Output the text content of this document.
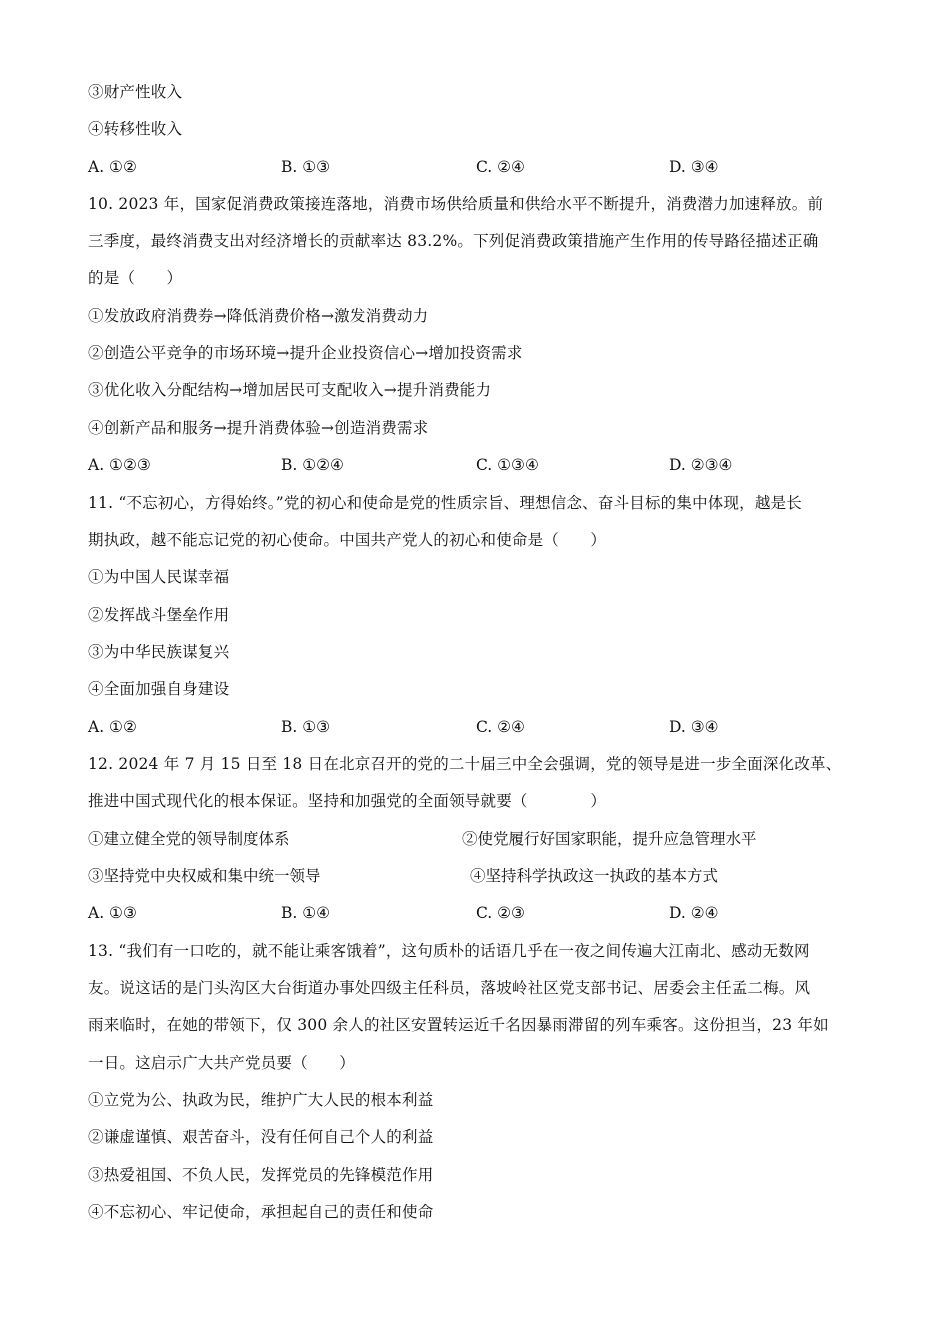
③财产性收入
④转移性收入
A. ①②	B. ①③	C. ②④	D. ③④
10. 2023 年，国家促消费政策接连落地，消费市场供给质量和供给水平不断提升，消费潜力加速释放。前
三季度，最终消费支出对经济增长的贡献率达 83.2%。下列促消费政策措施产生作用的传导路径描述正确
的是（　　）
①发放政府消费券→降低消费价格→激发消费动力
②创造公平竞争的市场环境→提升企业投资信心→增加投资需求
③优化收入分配结构→增加居民可支配收入→提升消费能力
④创新产品和服务→提升消费体验→创造消费需求
A. ①②③	B. ①②④	C. ①③④	D. ②③④
11. “不忘初心，方得始终。”党的初心和使命是党的性质宗旨、理想信念、奋斗目标的集中体现，越是长
期执政，越不能忘记党的初心使命。中国共产党人的初心和使命是（　　）
①为中国人民谋幸福
②发挥战斗堡垒作用
③为中华民族谋复兴
④全面加强自身建设
A. ①②	B. ①③	C. ②④	D. ③④
12. 2024 年 7 月 15 日至 18 日在北京召开的党的二十届三中全会强调，党的领导是进一步全面深化改革、
推进中国式现代化的根本保证。坚持和加强党的全面领导就要（　　　　）
①建立健全党的领导制度体系	②使党履行好国家职能，提升应急管理水平
③坚持党中央权威和集中统一领导	④坚持科学执政这一执政的基本方式
A. ①③	B. ①④	C. ②③	D. ②④
13. “我们有一口吃的，就不能让乘客饿着”，这句质朴的话语几乎在一夜之间传遍大江南北、感动无数网
友。说这话的是门头沟区大台街道办事处四级主任科员，落坡岭社区党支部书记、居委会主任孟二梅。风
雨来临时，在她的带领下，仅 300 余人的社区安置转运近千名因暴雨滞留的列车乘客。这份担当，23 年如
一日。这启示广大共产党员要（　　）
①立党为公、执政为民，维护广大人民的根本利益
②谦虚谨慎、艰苦奋斗，没有任何自己个人的利益
③热爱祖国、不负人民，发挥党员的先锋模范作用
④不忘初心、牢记使命，承担起自己的责任和使命
